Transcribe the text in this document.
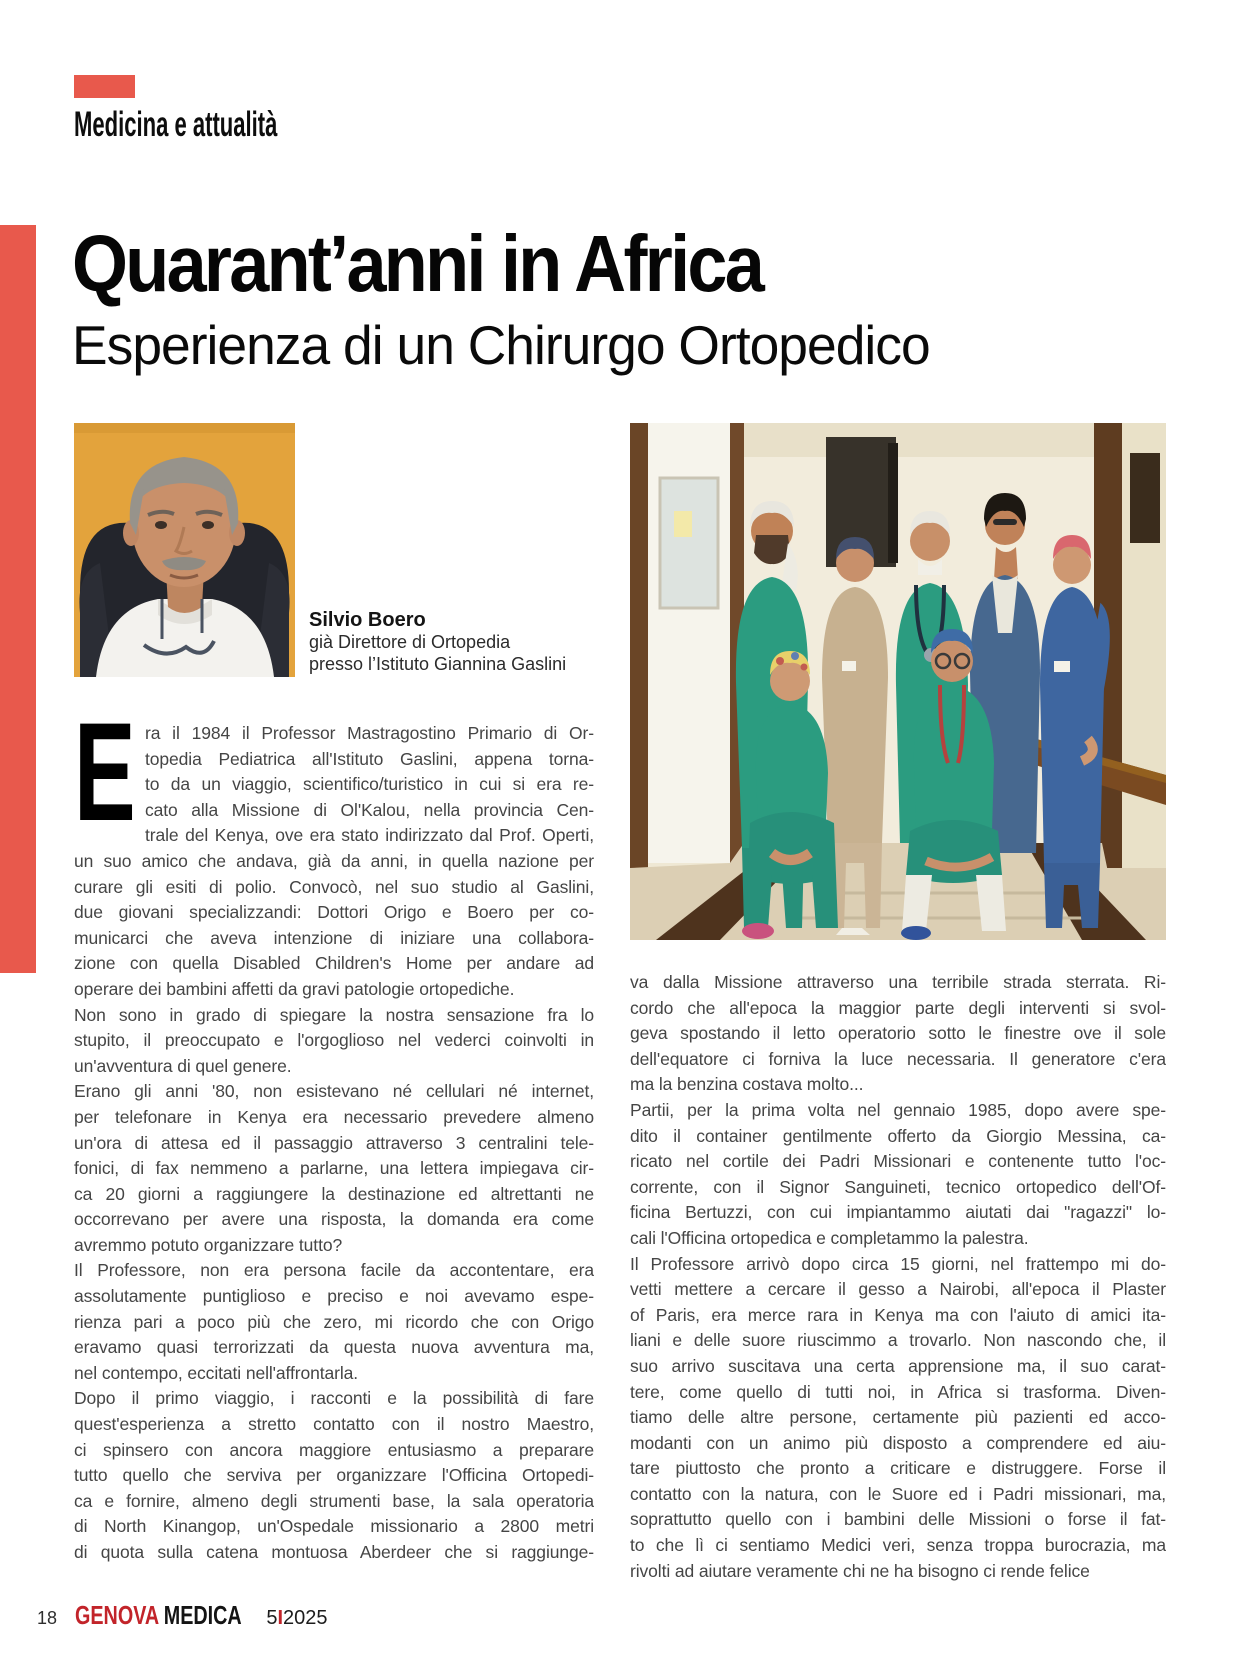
Medicina e attualità
Quarant’anni in Africa
Esperienza di un Chirurgo Ortopedico
Silvio Boero
già Direttore di Ortopedia
presso l’Istituto Giannina Gaslini
E ra il 1984 il Professor Mastragostino Primario di Or-
topedia Pediatrica all'Istituto Gaslini, appena torna-
to da un viaggio, scientifico/turistico in cui si era re-
cato alla Missione di Ol'Kalou, nella provincia Cen-
trale del Kenya, ove era stato indirizzato dal Prof. Operti,
un suo amico che andava, già da anni, in quella nazione per
curare gli esiti di polio. Convocò, nel suo studio al Gaslini,
due giovani specializzandi: Dottori Origo e Boero per co-
municarci che aveva intenzione di iniziare una collabora-
zione con quella Disabled Children's Home per andare ad
operare dei bambini affetti da gravi patologie ortopediche.
Non sono in grado di spiegare la nostra sensazione fra lo
stupito, il preoccupato e l'orgoglioso nel vederci coinvolti in
un'avventura di quel genere.
Erano gli anni '80, non esistevano né cellulari né internet,
per telefonare in Kenya era necessario prevedere almeno
un'ora di attesa ed il passaggio attraverso 3 centralini tele-
fonici, di fax nemmeno a parlarne, una lettera impiegava cir-
ca 20 giorni a raggiungere la destinazione ed altrettanti ne
occorrevano per avere una risposta, la domanda era come
avremmo potuto organizzare tutto?
Il Professore, non era persona facile da accontentare, era
assolutamente puntiglioso e preciso e noi avevamo espe-
rienza pari a poco più che zero, mi ricordo che con Origo
eravamo quasi terrorizzati da questa nuova avventura ma,
nel contempo, eccitati nell'affrontarla.
Dopo il primo viaggio, i racconti e la possibilità di fare
quest'esperienza a stretto contatto con il nostro Maestro,
ci spinsero con ancora maggiore entusiasmo a preparare
tutto quello che serviva per organizzare l'Officina Ortopedi-
ca e fornire, almeno degli strumenti base, la sala operatoria
di North Kinangop, un'Ospedale missionario a 2800 metri
di quota sulla catena montuosa Aberdeer che si raggiunge-
va dalla Missione attraverso una terribile strada sterrata. Ri-
cordo che all'epoca la maggior parte degli interventi si svol-
geva spostando il letto operatorio sotto le finestre ove il sole
dell'equatore ci forniva la luce necessaria. Il generatore c'era
ma la benzina costava molto...
Partii, per la prima volta nel gennaio 1985, dopo avere spe-
dito il container gentilmente offerto da Giorgio Messina, ca-
ricato nel cortile dei Padri Missionari e contenente tutto l'oc-
corrente, con il Signor Sanguineti, tecnico ortopedico dell'Of-
ficina Bertuzzi, con cui impiantammo aiutati dai "ragazzi" lo-
cali l'Officina ortopedica e completammo la palestra.
Il Professore arrivò dopo circa 15 giorni, nel frattempo mi do-
vetti mettere a cercare il gesso a Nairobi, all'epoca il Plaster
of Paris, era merce rara in Kenya ma con l'aiuto di amici ita-
liani e delle suore riuscimmo a trovarlo. Non nascondo che, il
suo arrivo suscitava una certa apprensione ma, il suo carat-
tere, come quello di tutti noi, in Africa si trasforma. Diven-
tiamo delle altre persone, certamente più pazienti ed acco-
modanti con un animo più disposto a comprendere ed aiu-
tare piuttosto che pronto a criticare e distruggere. Forse il
contatto con la natura, con le Suore ed i Padri missionari, ma,
soprattutto quello con i bambini delle Missioni o forse il fat-
to che lì ci sentiamo Medici veri, senza troppa burocrazia, ma
rivolti ad aiutare veramente chi ne ha bisogno ci rende felice
18 GENOVA MEDICA 5I2025
